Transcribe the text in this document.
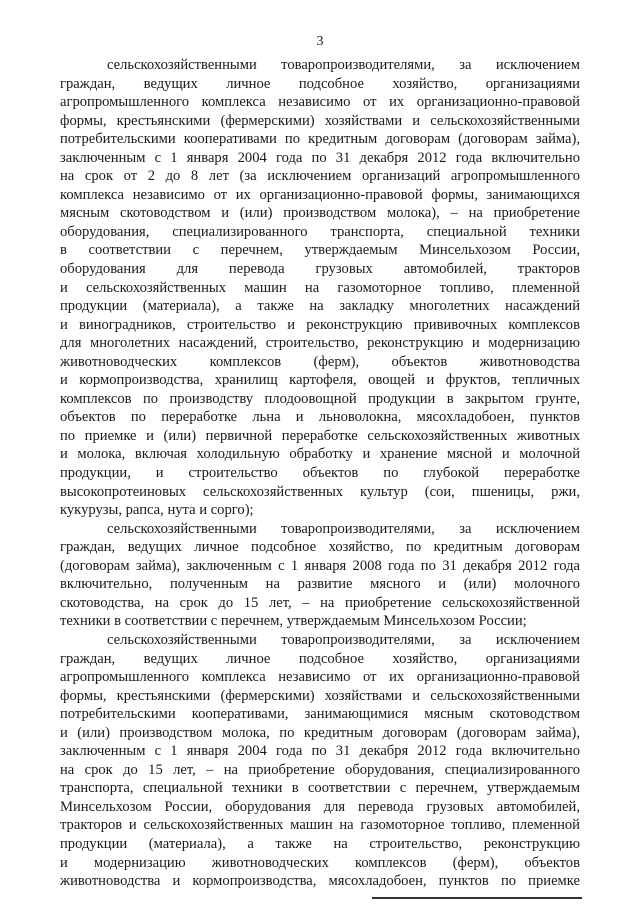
3
сельскохозяйственными товаропроизводителями, за исключением
граждан, ведущих личное подсобное хозяйство, организациями
агропромышленного комплекса независимо от их организационно-правовой
формы, крестьянскими (фермерскими) хозяйствами и сельскохозяйственными
потребительскими кооперативами по кредитным договорам (договорам займа),
заключенным с 1 января 2004 года по 31 декабря 2012 года включительно
на срок от 2 до 8 лет (за исключением организаций агропромышленного
комплекса независимо от их организационно-правовой формы, занимающихся
мясным скотоводством и (или) производством молока), – на приобретение
оборудования, специализированного транспорта, специальной техники
в соответствии с перечнем, утверждаемым Минсельхозом России,
оборудования для перевода грузовых автомобилей, тракторов
и сельскохозяйственных машин на газомоторное топливо, племенной
продукции (материала), а также на закладку многолетних насаждений
и виноградников, строительство и реконструкцию прививочных комплексов
для многолетних насаждений, строительство, реконструкцию и модернизацию
животноводческих комплексов (ферм), объектов животноводства
и кормопроизводства, хранилищ картофеля, овощей и фруктов, тепличных
комплексов по производству плодоовощной продукции в закрытом грунте,
объектов по переработке льна и льноволокна, мясохладобоен, пунктов
по приемке и (или) первичной переработке сельскохозяйственных животных
и молока, включая холодильную обработку и хранение мясной и молочной
продукции, и строительство объектов по глубокой переработке
высокопротеиновых сельскохозяйственных культур (сои, пшеницы, ржи,
кукурузы, рапса, нута и сорго);
сельскохозяйственными товаропроизводителями, за исключением
граждан, ведущих личное подсобное хозяйство, по кредитным договорам
(договорам займа), заключенным с 1 января 2008 года по 31 декабря 2012 года
включительно, полученным на развитие мясного и (или) молочного
скотоводства, на срок до 15 лет, – на приобретение сельскохозяйственной
техники в соответствии с перечнем, утверждаемым Минсельхозом России;
сельскохозяйственными товаропроизводителями, за исключением
граждан, ведущих личное подсобное хозяйство, организациями
агропромышленного комплекса независимо от их организационно-правовой
формы, крестьянскими (фермерскими) хозяйствами и сельскохозяйственными
потребительскими кооперативами, занимающимися мясным скотоводством
и (или) производством молока, по кредитным договорам (договорам займа),
заключенным с 1 января 2004 года по 31 декабря 2012 года включительно
на срок до 15 лет, – на приобретение оборудования, специализированного
транспорта, специальной техники в соответствии с перечнем, утверждаемым
Минсельхозом России, оборудования для перевода грузовых автомобилей,
тракторов и сельскохозяйственных машин на газомоторное топливо, племенной
продукции (материала), а также на строительство, реконструкцию
и модернизацию животноводческих комплексов (ферм), объектов
животноводства и кормопроизводства, мясохладобоен, пунктов по приемке
